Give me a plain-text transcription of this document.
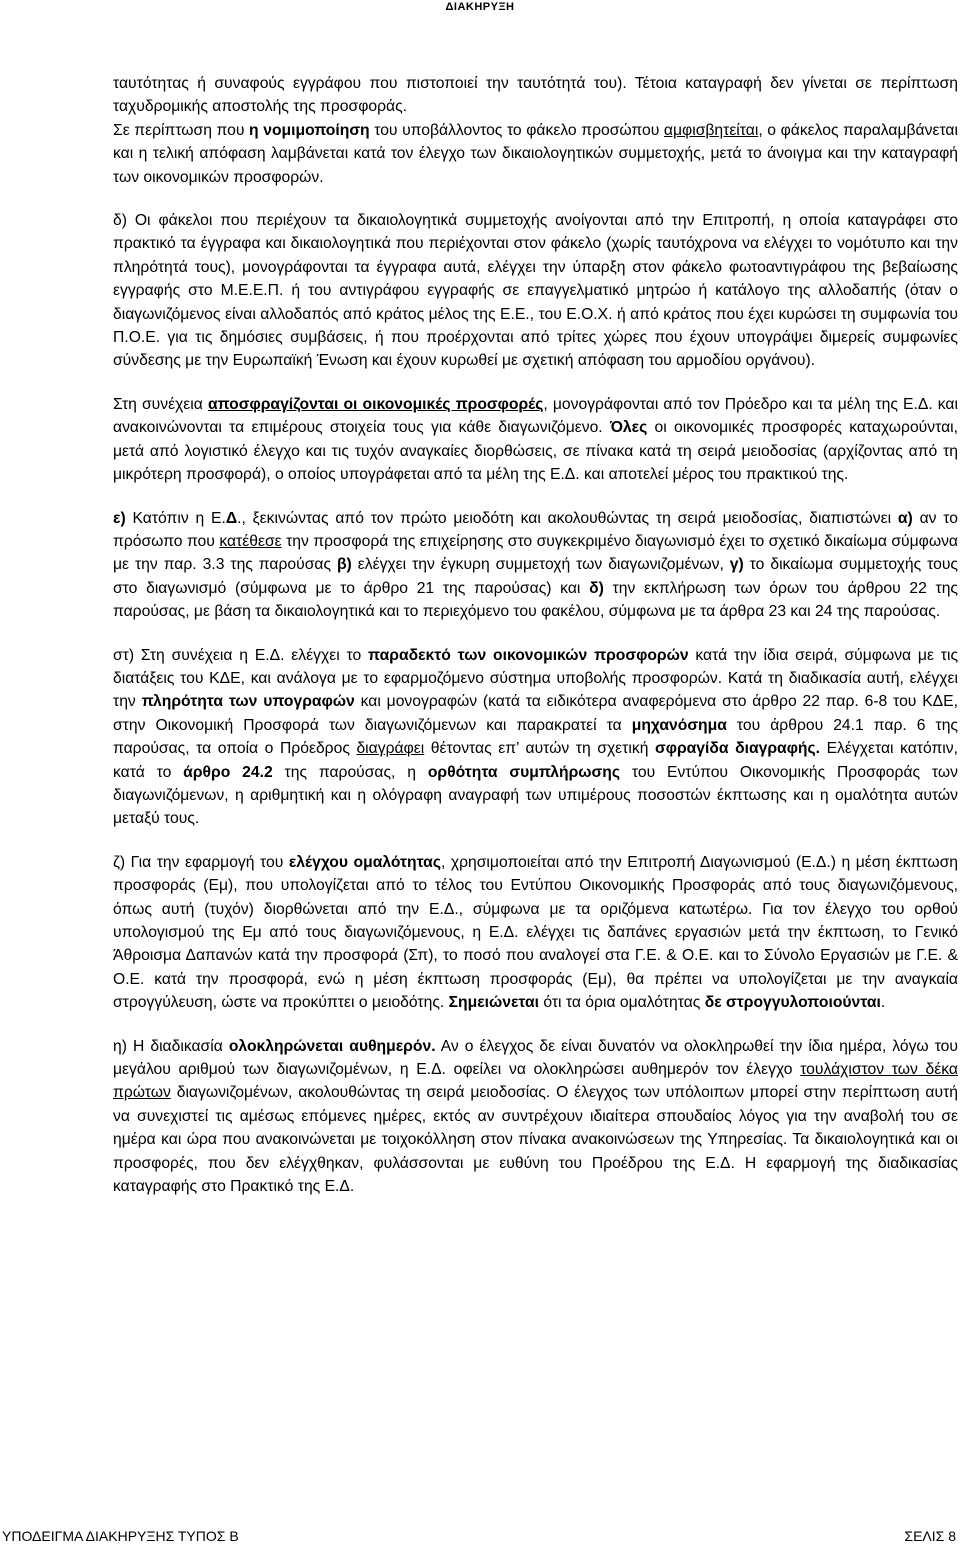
ΔΙΑΚΗΡΥΞΗ

ταυτότητας ή συναφούς εγγράφου που πιστοποιεί την ταυτότητά του). Τέτοια καταγραφή δεν γίνεται σε περίπτωση ταχυδρομικής αποστολής της προσφοράς.

Σε περίπτωση που η νομιμοποίηση του υποβάλλοντος το φάκελο προσώπου αμφισβητείται, ο φάκελος παραλαμβάνεται και η τελική απόφαση λαμβάνεται κατά τον έλεγχο των δικαιολογητικών συμμετοχής, μετά το άνοιγμα και την καταγραφή των οικονομικών προσφορών.

δ) Οι φάκελοι που περιέχουν τα δικαιολογητικά συμμετοχής ανοίγονται από την Επιτροπή, η οποία καταγράφει στο πρακτικό τα έγγραφα και δικαιολογητικά που περιέχονται στον φάκελο (χωρίς ταυτόχρονα να ελέγχει το νομότυπο και την πληρότητά τους), μονογράφονται τα έγγραφα αυτά, ελέγχει την ύπαρξη στον φάκελο φωτοαντιγράφου της βεβαίωσης εγγραφής στο Μ.Ε.Ε.Π. ή του αντιγράφου εγγραφής σε επαγγελματικό μητρώο ή κατάλογο της αλλοδαπής (όταν ο διαγωνιζόμενος είναι αλλοδαπός από κράτος μέλος της Ε.Ε., του Ε.Ο.Χ. ή από κράτος που έχει κυρώσει τη συμφωνία του Π.Ο.Ε. για τις δημόσιες συμβάσεις, ή που προέρχονται από τρίτες χώρες που έχουν υπογράψει διμερείς συμφωνίες σύνδεσης με την Ευρωπαϊκή Ένωση και έχουν κυρωθεί με σχετική απόφαση του αρμοδίου οργάνου).

Στη συνέχεια αποσφραγίζονται οι οικονομικές προσφορές, μονογράφονται από τον Πρόεδρο και τα μέλη της Ε.Δ. και ανακοινώνονται τα επιμέρους στοιχεία τους για κάθε διαγωνιζόμενο. Όλες οι οικονομικές προσφορές καταχωρούνται, μετά από λογιστικό έλεγχο και τις τυχόν αναγκαίες διορθώσεις, σε πίνακα κατά τη σειρά μειοδοσίας (αρχίζοντας από τη μικρότερη προσφορά), ο οποίος υπογράφεται από τα μέλη της Ε.Δ. και αποτελεί μέρος του πρακτικού της.

ε) Κατόπιν η Ε.Δ., ξεκινώντας από τον πρώτο μειοδότη και ακολουθώντας τη σειρά μειοδοσίας, διαπιστώνει α) αν το πρόσωπο που κατέθεσε την προσφορά της επιχείρησης στο συγκεκριμένο διαγωνισμό έχει το σχετικό δικαίωμα σύμφωνα με την παρ. 3.3 της παρούσας β) ελέγχει την έγκυρη συμμετοχή των διαγωνιζομένων, γ) το δικαίωμα συμμετοχής τους στο διαγωνισμό (σύμφωνα με το άρθρο 21 της παρούσας) και δ) την εκπλήρωση των όρων του άρθρου 22 της παρούσας, με βάση τα δικαιολογητικά και το περιεχόμενο του φακέλου, σύμφωνα με τα άρθρα 23 και 24 της παρούσας.

στ) Στη συνέχεια η Ε.Δ. ελέγχει το παραδεκτό των οικονομικών προσφορών κατά την ίδια σειρά, σύμφωνα με τις διατάξεις του ΚΔΕ, και ανάλογα με το εφαρμοζόμενο σύστημα υποβολής προσφορών. Κατά τη διαδικασία αυτή, ελέγχει την πληρότητα των υπογραφών και μονογραφών (κατά τα ειδικότερα αναφερόμενα στο άρθρο 22 παρ. 6-8 του ΚΔΕ, στην Οικονομική Προσφορά των διαγωνιζόμενων και παρακρατεί τα μηχανόσημα του άρθρου 24.1 παρ. 6 της παρούσας, τα οποία ο Πρόεδρος διαγράφει θέτοντας επ’ αυτών τη σχετική σφραγίδα διαγραφής. Ελέγχεται κατόπιν, κατά το άρθρο 24.2 της παρούσας, η ορθότητα συμπλήρωσης του Εντύπου Οικονομικής Προσφοράς των διαγωνιζόμενων, η αριθμητική και η ολόγραφη αναγραφή των υπιμέρους ποσοστών έκπτωσης και η ομαλότητα αυτών μεταξύ τους.

ζ) Για την εφαρμογή του ελέγχου ομαλότητας, χρησιμοποιείται από την Επιτροπή Διαγωνισμού (Ε.Δ.) η μέση έκπτωση προσφοράς (Εμ), που υπολογίζεται από το τέλος του Εντύπου Οικονομικής Προσφοράς από τους διαγωνιζόμενους, όπως αυτή (τυχόν) διορθώνεται από την Ε.Δ., σύμφωνα με τα οριζόμενα κατωτέρω. Για τον έλεγχο του ορθού υπολογισμού της Εμ από τους διαγωνιζόμενους, η Ε.Δ. ελέγχει τις δαπάνες εργασιών μετά την έκπτωση, το Γενικό Άθροισμα Δαπανών κατά την προσφορά (Σπ), το ποσό που αναλογεί στα Γ.Ε. & Ο.Ε. και το Σύνολο Εργασιών με Γ.Ε. & Ο.Ε. κατά την προσφορά, ενώ η μέση έκπτωση προσφοράς (Εμ), θα πρέπει να υπολογίζεται με την αναγκαία στρογγύλευση, ώστε να προκύπτει ο μειοδότης. Σημειώνεται ότι τα όρια ομαλότητας δε στρογγυλοποιούνται.

η) Η διαδικασία ολοκληρώνεται αυθημερόν. Αν ο έλεγχος δε είναι δυνατόν να ολοκληρωθεί την ίδια ημέρα, λόγω του μεγάλου αριθμού των διαγωνιζομένων, η Ε.Δ. οφείλει να ολοκληρώσει αυθημερόν τον έλεγχο τουλάχιστον των δέκα πρώτων διαγωνιζομένων, ακολουθώντας τη σειρά μειοδοσίας. Ο έλεγχος των υπόλοιπων μπορεί στην περίπτωση αυτή να συνεχιστεί τις αμέσως επόμενες ημέρες, εκτός αν συντρέχουν ιδιαίτερα σπουδαίος λόγος για την αναβολή του σε ημέρα και ώρα που ανακοινώνεται με τοιχοκόλληση στον πίνακα ανακοινώσεων της Υπηρεσίας. Τα δικαιολογητικά και οι προσφορές, που δεν ελέγχθηκαν, φυλάσσονται με ευθύνη του Προέδρου της Ε.Δ. Η εφαρμογή της διαδικασίας καταγραφής στο Πρακτικό της Ε.Δ.

ΥΠΟΔΕΙΓΜΑ ΔΙΑΚΗΡΥΞΗΣ ΤΥΠΟΣ Β	ΣΕΛΙΣ 8
